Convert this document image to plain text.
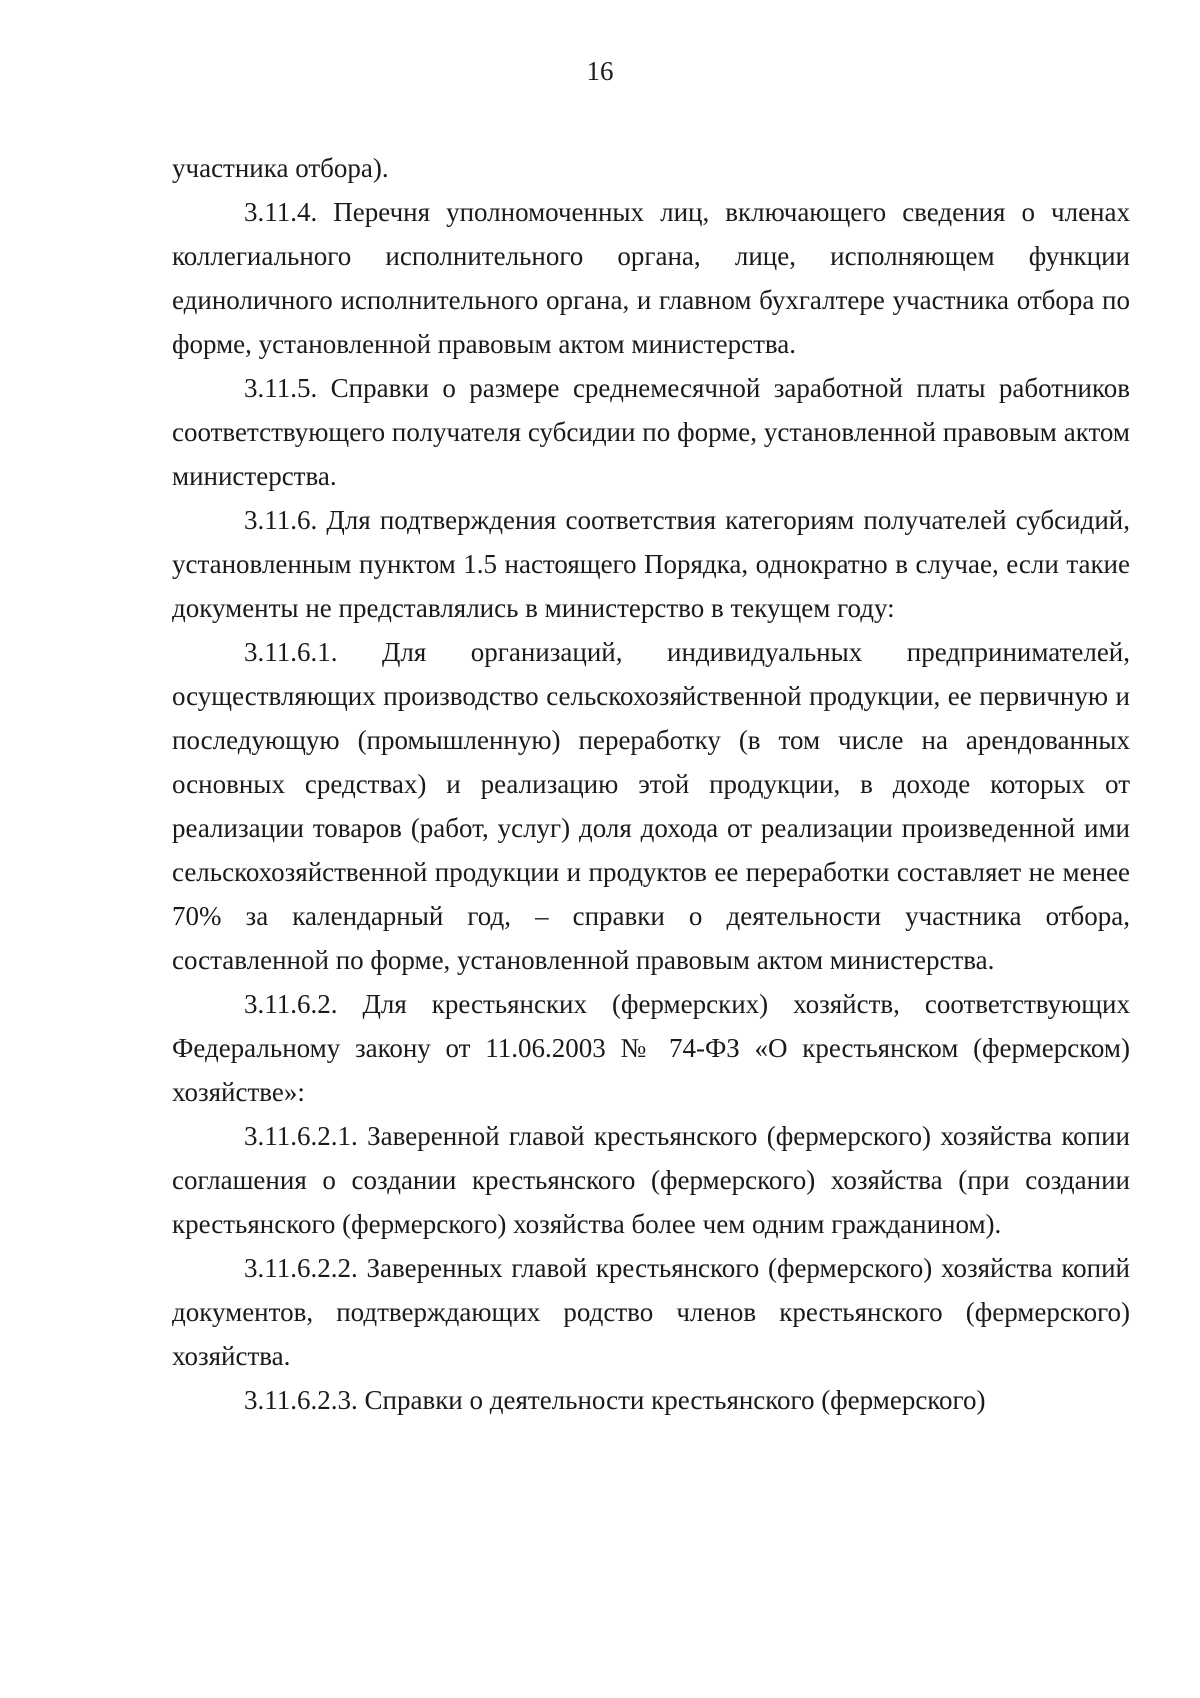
16

участника отбора).

3.11.4. Перечня уполномоченных лиц, включающего сведения о членах коллегиального исполнительного органа, лице, исполняющем функции единоличного исполнительного органа, и главном бухгалтере участника отбора по форме, установленной правовым актом министерства.

3.11.5. Справки о размере среднемесячной заработной платы работников соответствующего получателя субсидии по форме, установленной правовым актом министерства.

3.11.6. Для подтверждения соответствия категориям получателей субсидий, установленным пунктом 1.5 настоящего Порядка, однократно в случае, если такие документы не представлялись в министерство в текущем году:

3.11.6.1. Для организаций, индивидуальных предпринимателей, осуществляющих производство сельскохозяйственной продукции, ее первичную и последующую (промышленную) переработку (в том числе на арендованных основных средствах) и реализацию этой продукции, в доходе которых от реализации товаров (работ, услуг) доля дохода от реализации произведенной ими сельскохозяйственной продукции и продуктов ее переработки составляет не менее 70% за календарный год, – справки о деятельности участника отбора, составленной по форме, установленной правовым актом министерства.

3.11.6.2. Для крестьянских (фермерских) хозяйств, соответствующих Федеральному закону от 11.06.2003 № 74-ФЗ «О крестьянском (фермерском) хозяйстве»:

3.11.6.2.1. Заверенной главой крестьянского (фермерского) хозяйства копии соглашения о создании крестьянского (фермерского) хозяйства (при создании крестьянского (фермерского) хозяйства более чем одним гражданином).

3.11.6.2.2. Заверенных главой крестьянского (фермерского) хозяйства копий документов, подтверждающих родство членов крестьянского (фермерского) хозяйства.

3.11.6.2.3. Справки о деятельности крестьянского (фермерского)
